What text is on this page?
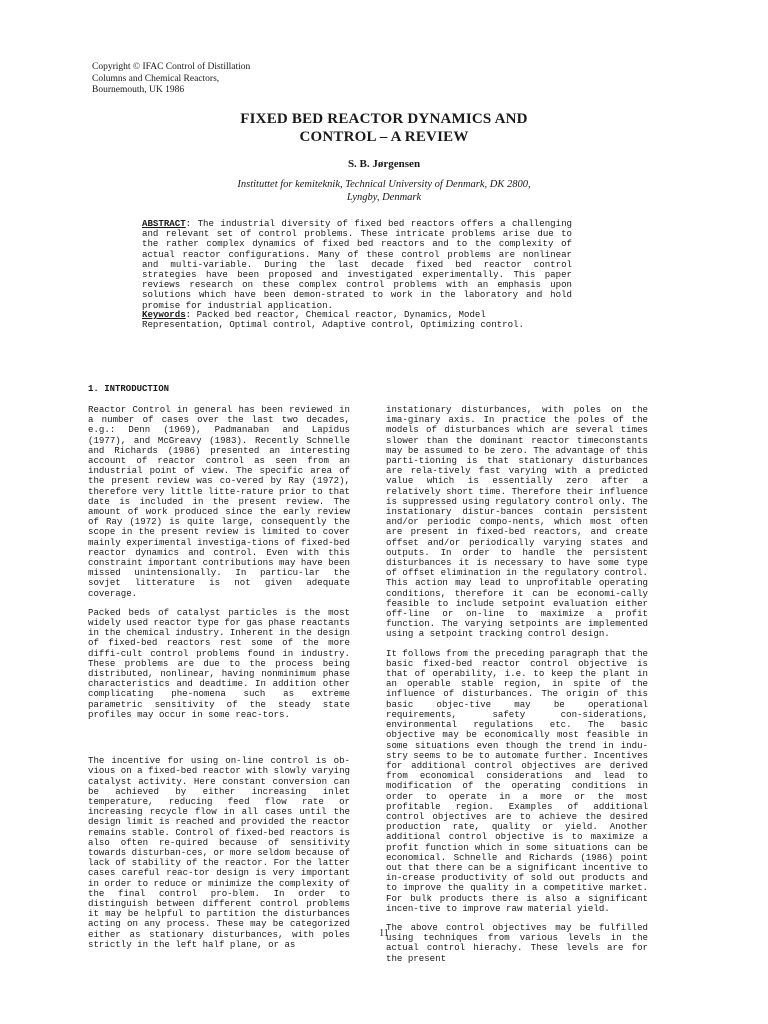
Copyright © IFAC Control of Distillation
Columns and Chemical Reactors,
Bournemouth, UK 1986
FIXED BED REACTOR DYNAMICS AND
CONTROL – A REVIEW
S. B. Jørgensen
Instituttet for kemiteknik, Technical University of Denmark, DK 2800,
Lyngby, Denmark
ABSTRACT: The industrial diversity of fixed bed reactors offers a challenging and relevant set of control problems. These intricate problems arise due to the rather complex dynamics of fixed bed reactors and to the complexity of actual reactor configurations. Many of these control problems are nonlinear and multi-variable. During the last decade fixed bed reactor control strategies have been proposed and investigated experimentally. This paper reviews research on these complex control problems with an emphasis upon solutions which have been demon-strated to work in the laboratory and hold promise for industrial application.
Keywords: Packed bed reactor, Chemical reactor, Dynamics, Model Representation, Optimal control, Adaptive control, Optimizing control.
1. INTRODUCTION

Reactor Control in general has been reviewed in a number of cases over the last two decades, e.g.: Denn (1969), Padmanaban and Lapidus (1977), and McGreavy (1983). Recently Schnelle and Richards (1986) presented an interesting account of reactor control as seen from an industrial point of view. The specific area of the present review was co-vered by Ray (1972), therefore very little litte-rature prior to that date is included in the present review. The amount of work produced since the early review of Ray (1972) is quite large, consequently the scope in the present review is limited to cover mainly experimental investiga-tions of fixed-bed reactor dynamics and control. Even with this constraint important contributions may have been missed unintensionally. In particu-lar the sovjet litterature is not given adequate coverage.

Packed beds of catalyst particles is the most widely used reactor type for gas phase reactants in the chemical industry. Inherent in the design of fixed-bed reactors rest some of the more diffi-cult control problems found in industry. These problems are due to the process being distributed, nonlinear, having nonminimum phase characteristics and deadtime. In addition other complicating phe-nomena such as extreme parametric sensitivity of the steady state profiles may occur in some reac-tors.

The incentive for using on-line control is ob-vious on a fixed-bed reactor with slowly varying catalyst activity. Here constant conversion can be achieved by either increasing inlet temperature, reducing feed flow rate or increasing recycle flow in all cases until the design limit is reached and provided the reactor remains stable. Control of fixed-bed reactors is also often re-quired because of sensitivity towards disturban-ces, or more seldom because of lack of stability of the reactor. For the latter cases careful reac-tor design is very important in order to reduce or minimize the complexity of the final control pro-blem. In order to distinguish between different control problems it may be helpful to partition the disturbances acting on any process. These may be categorized either as stationary disturbances, with poles strictly in the left half plane, or as

instationary disturbances, with poles on the ima-ginary axis. In practice the poles of the models of disturbances which are several times slower than the dominant reactor timeconstants may be assumed to be zero. The advantage of this parti-tioning is that stationary disturbances are rela-tively fast varying with a predicted value which is essentially zero after a relatively short time. Therefore their influence is suppressed using regulatory control only. The instationary distur-bances contain persistent and/or periodic compo-nents, which most often are present in fixed-bed reactors, and create offset and/or periodically varying states and outputs. In order to handle the persistent disturbances it is necessary to have some type of offset elimination in the regulatory control. This action may lead to unprofitable operating conditions, therefore it can be economi-cally feasible to include setpoint evaluation either off-line or on-line to maximize a profit function. The varying setpoints are implemented using a setpoint tracking control design.

It follows from the preceding paragraph that the basic fixed-bed reactor control objective is that of operability, i.e. to keep the plant in an operable stable region, in spite of the influence of disturbances. The origin of this basic objec-tive may be operational requirements, safety con-siderations, environmental regulations etc. The basic objective may be economically most feasible in some situations even though the trend in indu-stry seems to be to automate further. Incentives for additional control objectives are derived from economical considerations and lead to modification of the operating conditions in order to operate in a more or the most profitable region. Examples of additional control objectives are to achieve the desired production rate, quality or yield. Another additional control objective is to maximize a profit function which in some situations can be economical. Schnelle and Richards (1986) point out that there can be a significant incentive to in-crease productivity of sold out products and to improve the quality in a competitive market. For bulk products there is also a significant incen-tive to improve raw material yield.

The above control objectives may be fulfilled using techniques from various levels in the actual control hierachy. These levels are for the present

11
